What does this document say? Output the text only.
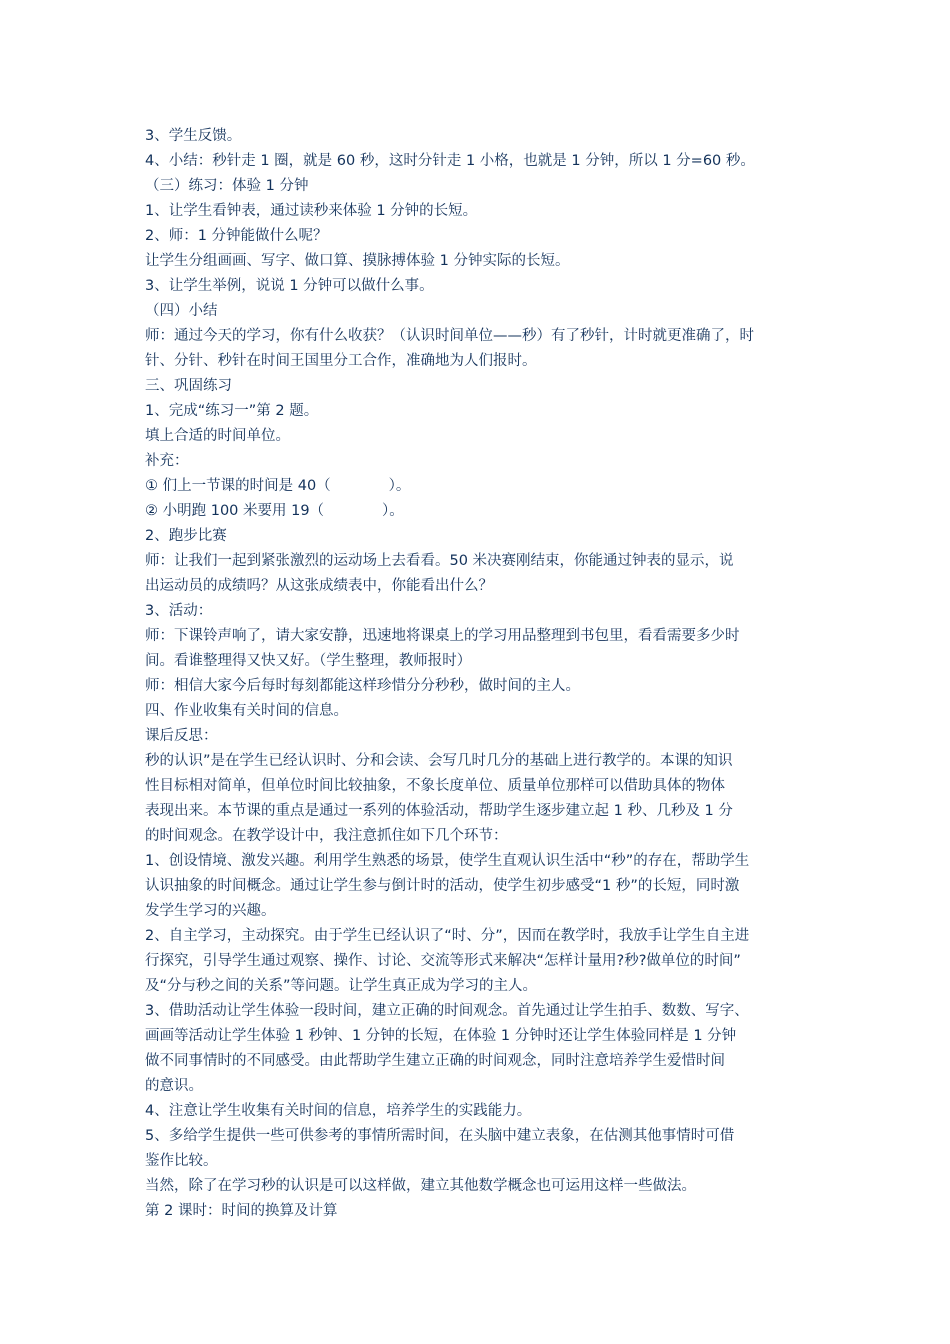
3、学生反馈。
4、小结：秒针走 1 圈，就是 60 秒，这时分针走 1 小格，也就是 1 分钟，所以 1 分=60 秒。
（三）练习：体验 1 分钟
1、让学生看钟表，通过读秒来体验 1 分钟的长短。
2、师：1 分钟能做什么呢？
让学生分组画画、写字、做口算、摸脉搏体验 1 分钟实际的长短。
3、让学生举例，说说 1 分钟可以做什么事。
（四）小结
师：通过今天的学习，你有什么收获？（认识时间单位——秒）有了秒针，计时就更准确了，时
针、分针、秒针在时间王国里分工合作，准确地为人们报时。
三、巩固练习
1、完成“练习一”第 2 题。
填上合适的时间单位。
补充：
① 们上一节课的时间是 40（　　　　）。
② 小明跑 100 米要用 19（　　　　）。
2、跑步比赛
师：让我们一起到紧张激烈的运动场上去看看。50 米决赛刚结束，你能通过钟表的显示，说
出运动员的成绩吗？从这张成绩表中，你能看出什么？
3、活动：
师：下课铃声响了，请大家安静，迅速地将课桌上的学习用品整理到书包里，看看需要多少时
间。看谁整理得又快又好。（学生整理，教师报时）
师：相信大家今后每时每刻都能这样珍惜分分秒秒，做时间的主人。
四、作业收集有关时间的信息。
课后反思：
秒的认识”是在学生已经认识时、分和会读、会写几时几分的基础上进行教学的。本课的知识
性目标相对简单，但单位时间比较抽象，不象长度单位、质量单位那样可以借助具体的物体
表现出来。本节课的重点是通过一系列的体验活动，帮助学生逐步建立起 1 秒、几秒及 1 分
的时间观念。在教学设计中，我注意抓住如下几个环节：
1、创设情境、激发兴趣。利用学生熟悉的场景，使学生直观认识生活中“秒”的存在，帮助学生
认识抽象的时间概念。通过让学生参与倒计时的活动，使学生初步感受“1 秒”的长短，同时激
发学生学习的兴趣。
2、自主学习，主动探究。由于学生已经认识了“时、分”，因而在教学时，我放手让学生自主进
行探究，引导学生通过观察、操作、讨论、交流等形式来解决“怎样计量用?秒?做单位的时间”
及“分与秒之间的关系”等问题。让学生真正成为学习的主人。
3、借助活动让学生体验一段时间，建立正确的时间观念。首先通过让学生拍手、数数、写字、
画画等活动让学生体验 1 秒钟、1 分钟的长短，在体验 1 分钟时还让学生体验同样是 1 分钟
做不同事情时的不同感受。由此帮助学生建立正确的时间观念，同时注意培养学生爱惜时间
的意识。
4、注意让学生收集有关时间的信息，培养学生的实践能力。
5、多给学生提供一些可供参考的事情所需时间，在头脑中建立表象，在估测其他事情时可借
鉴作比较。
当然，除了在学习秒的认识是可以这样做，建立其他数学概念也可运用这样一些做法。
第 2 课时：时间的换算及计算
